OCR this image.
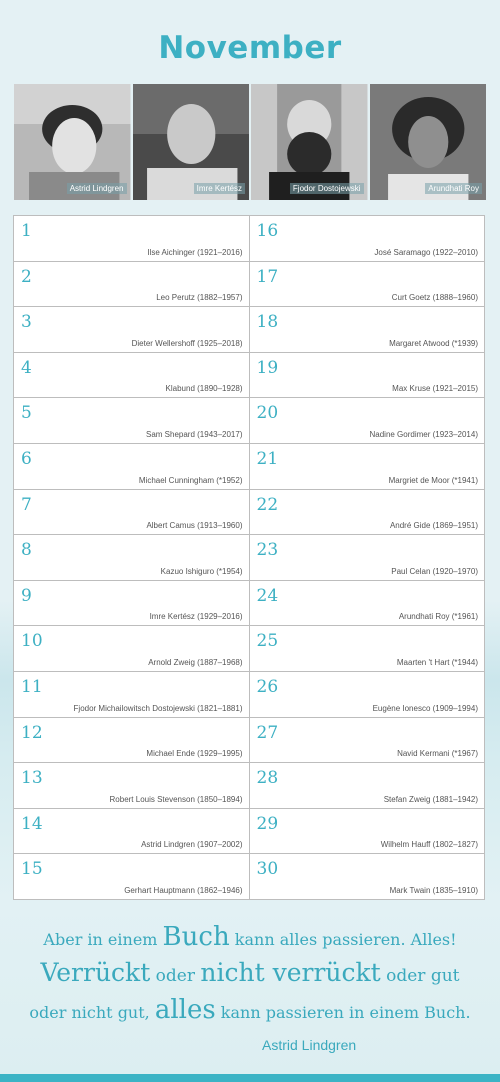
November
Astrid Lindgren	Imre Kertész	Fjodor Dostojewski	Arundhati Roy
1
Ilse Aichinger (1921–2016)
2
Leo Perutz (1882–1957)
3
Dieter Wellershoff (1925–2018)
4
Klabund (1890–1928)
5
Sam Shepard (1943–2017)
6
Michael Cunningham (*1952)
7
Albert Camus (1913–1960)
8
Kazuo Ishiguro (*1954)
9
Imre Kertész (1929–2016)
10
Arnold Zweig (1887–1968)
11
Fjodor Michailowitsch Dostojewski (1821–1881)
12
Michael Ende (1929–1995)
13
Robert Louis Stevenson (1850–1894)
14
Astrid Lindgren (1907–2002)
15
Gerhart Hauptmann (1862–1946)
16
José Saramago (1922–2010)
17
Curt Goetz (1888–1960)
18
Margaret Atwood (*1939)
19
Max Kruse (1921–2015)
20
Nadine Gordimer (1923–2014)
21
Margriet de Moor (*1941)
22
André Gide (1869–1951)
23
Paul Celan (1920–1970)
24
Arundhati Roy (*1961)
25
Maarten 't Hart (*1944)
26
Eugène Ionesco (1909–1994)
27
Navid Kermani (*1967)
28
Stefan Zweig (1881–1942)
29
Wilhelm Hauff (1802–1827)
30
Mark Twain (1835–1910)
Aber in einem Buch kann alles passieren. Alles!
Verrückt oder nicht verrückt oder gut
oder nicht gut, alles kann passieren in einem Buch.
Astrid Lindgren
